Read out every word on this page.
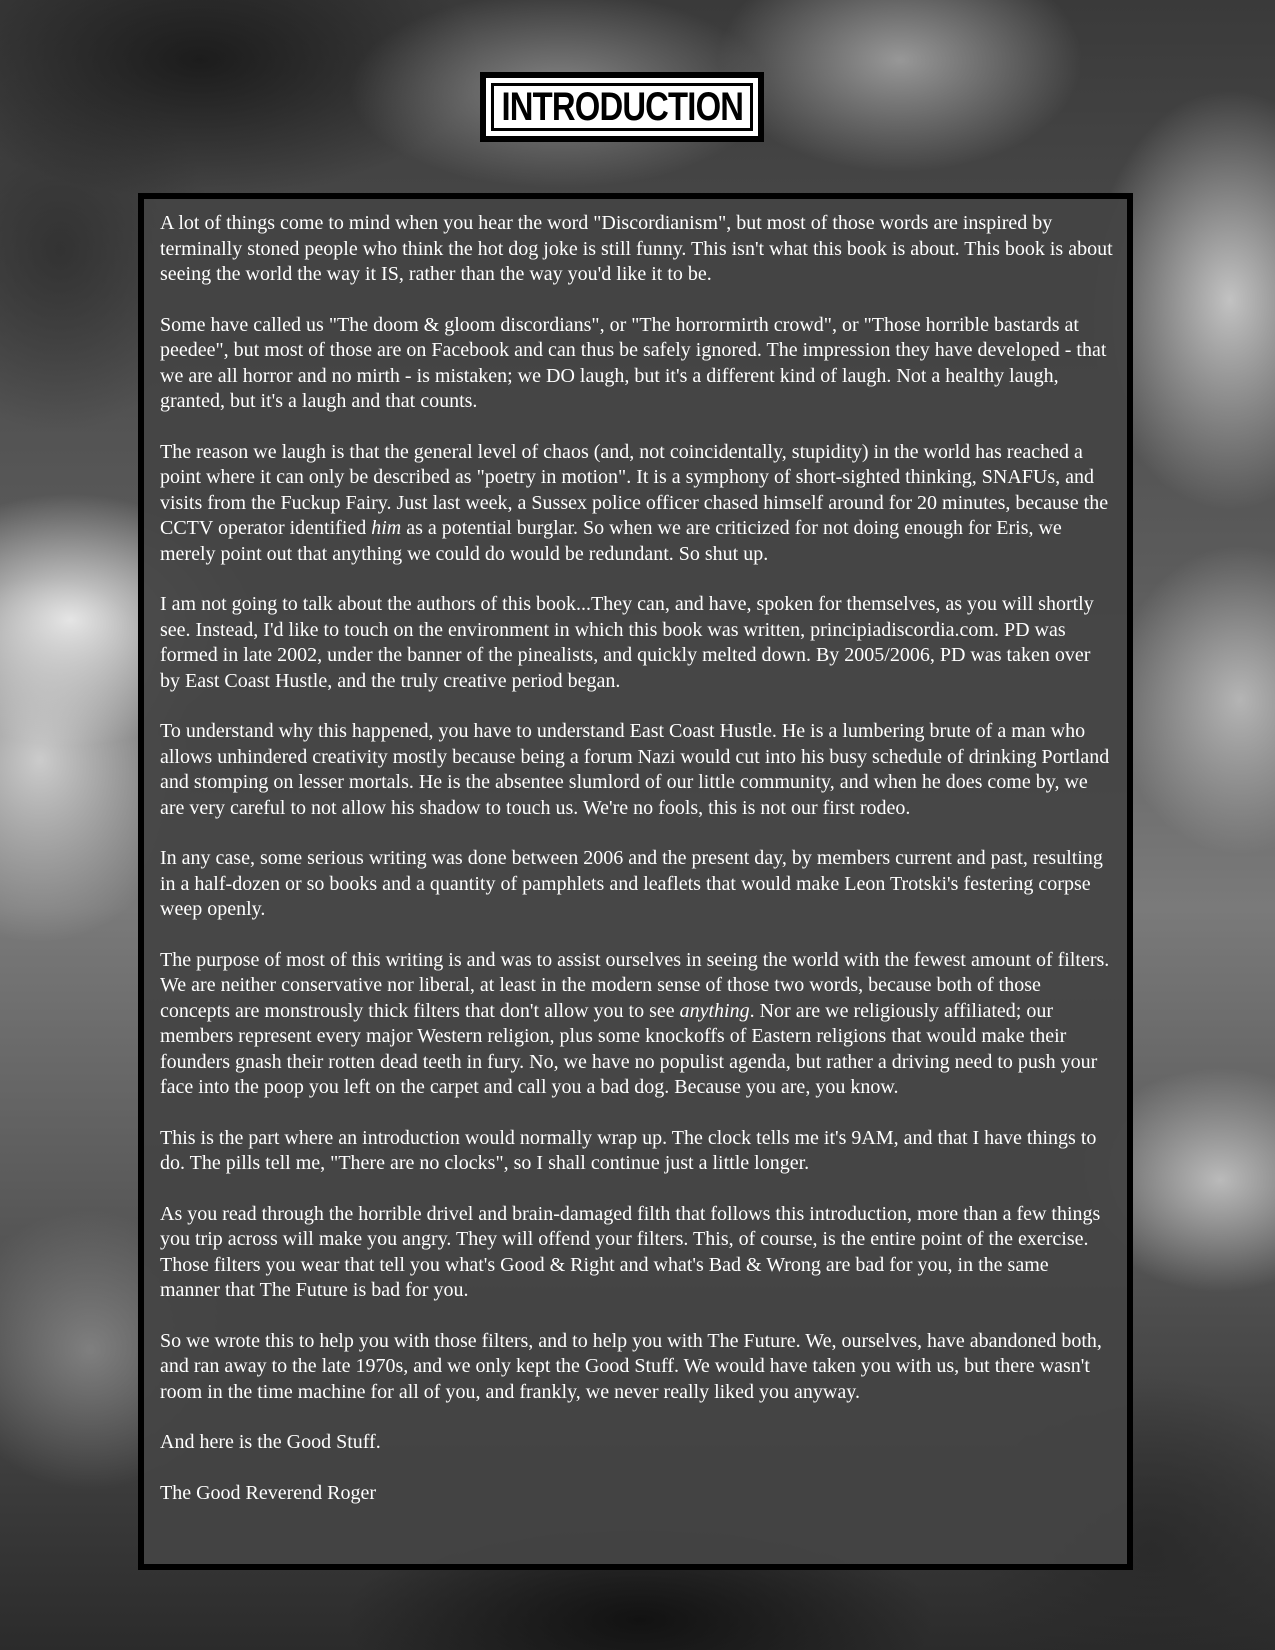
INTRODUCTION

A lot of things come to mind when you hear the word "Discordianism", but most of those words are inspired by terminally stoned people who think the hot dog joke is still funny. This isn't what this book is about. This book is about seeing the world the way it IS, rather than the way you'd like it to be.

Some have called us "The doom & gloom discordians", or "The horrormirth crowd", or "Those horrible bastards at peedee", but most of those are on Facebook and can thus be safely ignored. The impression they have developed - that we are all horror and no mirth - is mistaken; we DO laugh, but it's a different kind of laugh. Not a healthy laugh, granted, but it's a laugh and that counts.

The reason we laugh is that the general level of chaos (and, not coincidentally, stupidity) in the world has reached a point where it can only be described as "poetry in motion". It is a symphony of short-sighted thinking, SNAFUs, and visits from the Fuckup Fairy. Just last week, a Sussex police officer chased himself around for 20 minutes, because the CCTV operator identified him as a potential burglar. So when we are criticized for not doing enough for Eris, we merely point out that anything we could do would be redundant. So shut up.

I am not going to talk about the authors of this book...They can, and have, spoken for themselves, as you will shortly see. Instead, I'd like to touch on the environment in which this book was written, principiadiscordia.com. PD was formed in late 2002, under the banner of the pinealists, and quickly melted down. By 2005/2006, PD was taken over by East Coast Hustle, and the truly creative period began.

To understand why this happened, you have to understand East Coast Hustle. He is a lumbering brute of a man who allows unhindered creativity mostly because being a forum Nazi would cut into his busy schedule of drinking Portland and stomping on lesser mortals. He is the absentee slumlord of our little community, and when he does come by, we are very careful to not allow his shadow to touch us. We're no fools, this is not our first rodeo.

In any case, some serious writing was done between 2006 and the present day, by members current and past, resulting in a half-dozen or so books and a quantity of pamphlets and leaflets that would make Leon Trotski's festering corpse weep openly.

The purpose of most of this writing is and was to assist ourselves in seeing the world with the fewest amount of filters. We are neither conservative nor liberal, at least in the modern sense of those two words, because both of those concepts are monstrously thick filters that don't allow you to see anything. Nor are we religiously affiliated; our members represent every major Western religion, plus some knockoffs of Eastern religions that would make their founders gnash their rotten dead teeth in fury. No, we have no populist agenda, but rather a driving need to push your face into the poop you left on the carpet and call you a bad dog. Because you are, you know.

This is the part where an introduction would normally wrap up. The clock tells me it's 9AM, and that I have things to do. The pills tell me, "There are no clocks", so I shall continue just a little longer.

As you read through the horrible drivel and brain-damaged filth that follows this introduction, more than a few things you trip across will make you angry. They will offend your filters. This, of course, is the entire point of the exercise. Those filters you wear that tell you what's Good & Right and what's Bad & Wrong are bad for you, in the same manner that The Future is bad for you.

So we wrote this to help you with those filters, and to help you with The Future. We, ourselves, have abandoned both, and ran away to the late 1970s, and we only kept the Good Stuff. We would have taken you with us, but there wasn't room in the time machine for all of you, and frankly, we never really liked you anyway.

And here is the Good Stuff.

The Good Reverend Roger
